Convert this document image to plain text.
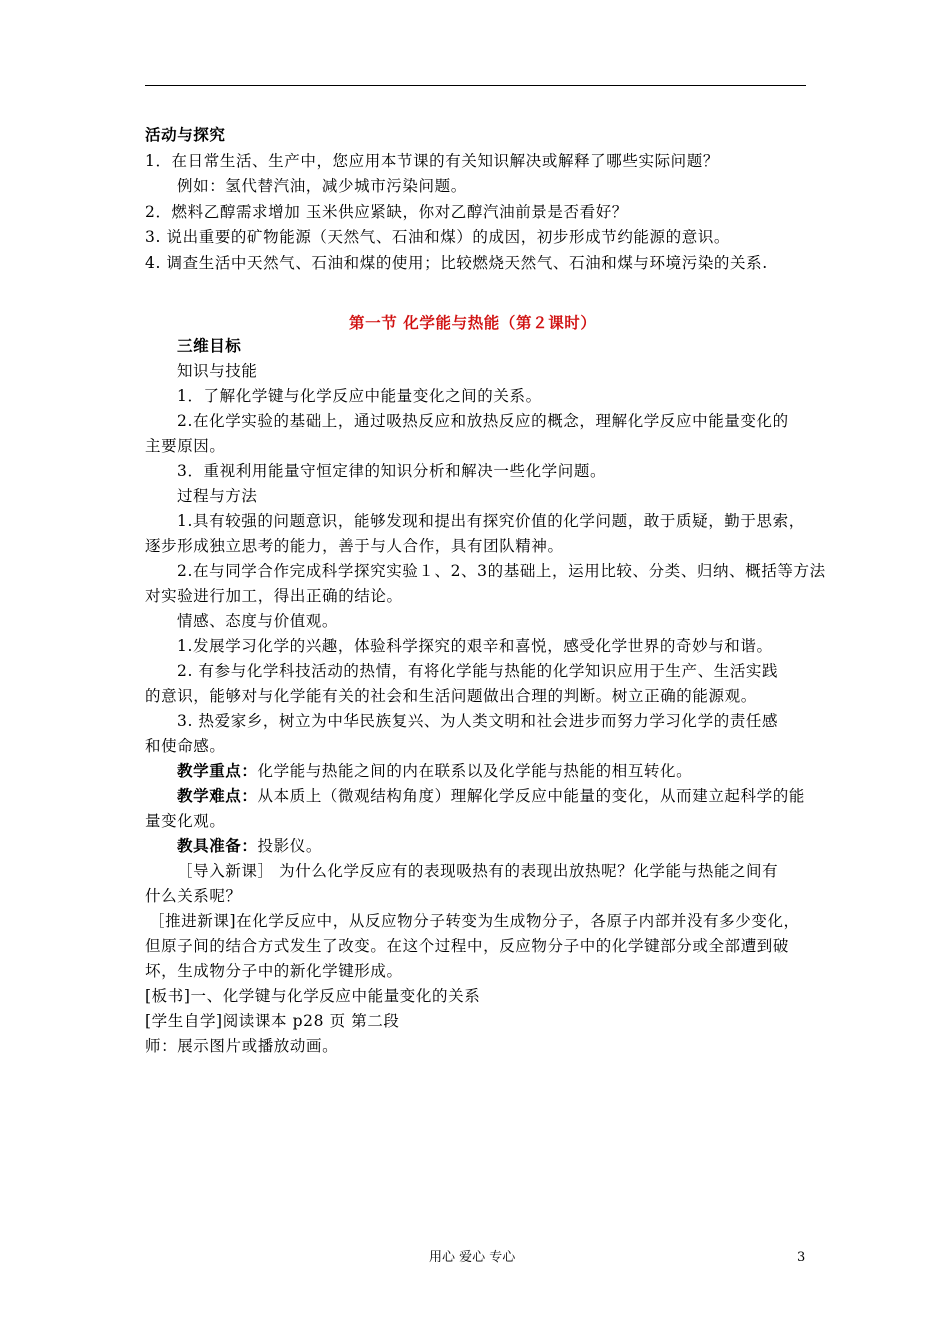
活动与探究
1．在日常生活、生产中，您应用本节课的有关知识解决或解释了哪些实际问题？
例如：氢代替汽油，减少城市污染问题。
2．燃料乙醇需求增加 玉米供应紧缺，你对乙醇汽油前景是否看好？
3. 说出重要的矿物能源（天然气、石油和煤）的成因，初步形成节约能源的意识。
4. 调查生活中天然气、石油和煤的使用；比较燃烧天然气、石油和煤与环境污染的关系.
第一节 化学能与热能（第２课时）
三维目标
知识与技能
1．了解化学键与化学反应中能量变化之间的关系。
2.在化学实验的基础上，通过吸热反应和放热反应的概念，理解化学反应中能量变化的
主要原因。
3．重视利用能量守恒定律的知识分析和解决一些化学问题。
过程与方法
1.具有较强的问题意识，能够发现和提出有探究价值的化学问题，敢于质疑，勤于思索，
逐步形成独立思考的能力，善于与人合作，具有团队精神。
2.在与同学合作完成科学探究实验１、2、3的基础上，运用比较、分类、归纳、概括等方法
对实验进行加工，得出正确的结论。
情感、态度与价值观。
1.发展学习化学的兴趣，体验科学探究的艰辛和喜悦，感受化学世界的奇妙与和谐。
2. 有参与化学科技活动的热情，有将化学能与热能的化学知识应用于生产、生活实践
的意识，能够对与化学能有关的社会和生活问题做出合理的判断。树立正确的能源观。
3. 热爱家乡，树立为中华民族复兴、为人类文明和社会进步而努力学习化学的责任感
和使命感。
教学重点：化学能与热能之间的内在联系以及化学能与热能的相互转化。
教学难点：从本质上（微观结构角度）理解化学反应中能量的变化，从而建立起科学的能
量变化观。
教具准备：投影仪。
［导入新课］ 为什么化学反应有的表现吸热有的表现出放热呢？化学能与热能之间有
什么关系呢？
［推进新课]在化学反应中，从反应物分子转变为生成物分子，各原子内部并没有多少变化，
但原子间的结合方式发生了改变。在这个过程中，反应物分子中的化学键部分或全部遭到破
坏，生成物分子中的新化学键形成。
[板书]一、化学键与化学反应中能量变化的关系
[学生自学]阅读课本 p28 页 第二段
师：展示图片或播放动画。
用心 爱心 专心	3
